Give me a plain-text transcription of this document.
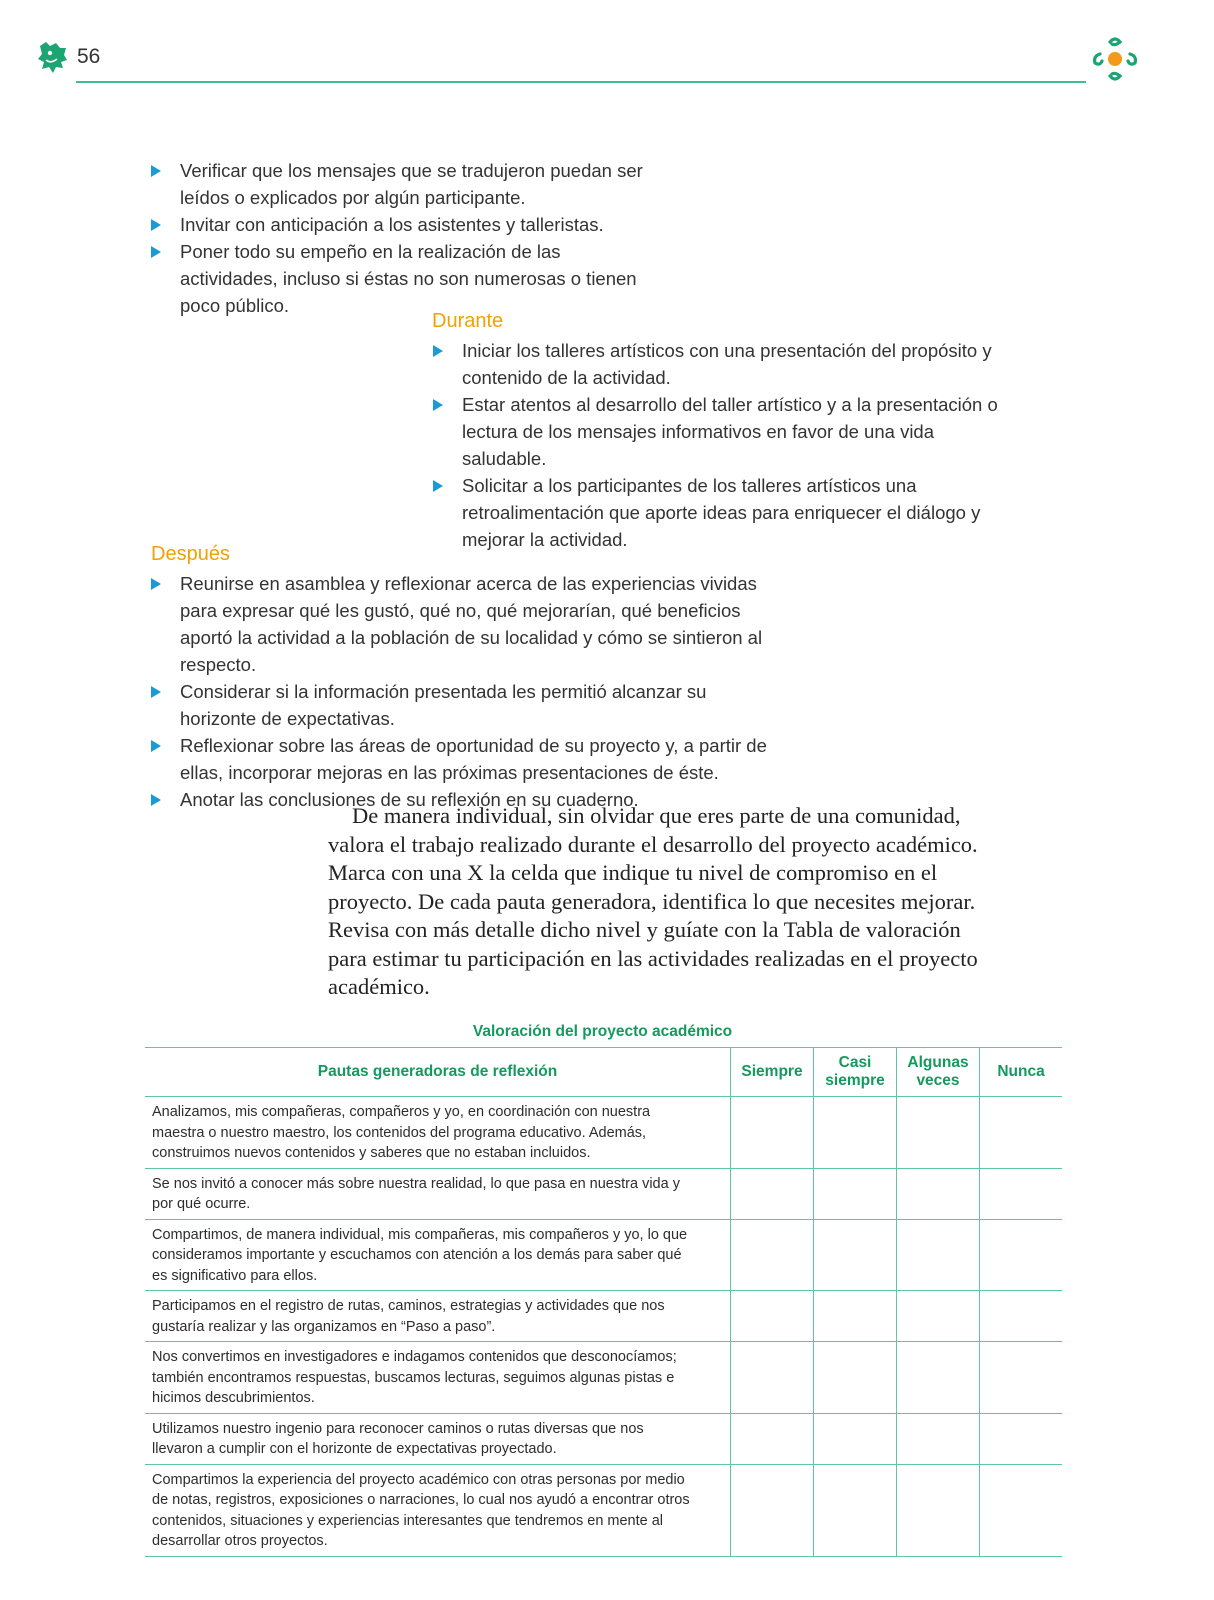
56
Verificar que los mensajes que se tradujeron puedan ser leídos o explicados por algún participante.
Invitar con anticipación a los asistentes y talleristas.
Poner todo su empeño en la realización de las actividades, incluso si éstas no son numerosas o tienen poco público.
Durante
Iniciar los talleres artísticos con una presentación del propósito y contenido de la actividad.
Estar atentos al desarrollo del taller artístico y a la presentación o lectura de los mensajes informativos en favor de una vida saludable.
Solicitar a los participantes de los talleres artísticos una retroalimentación que aporte ideas para enriquecer el diálogo y mejorar la actividad.
Después
Reunirse en asamblea y reflexionar acerca de las experiencias vividas para expresar qué les gustó, qué no, qué mejorarían, qué beneficios aportó la actividad a la población de su localidad y cómo se sintieron al respecto.
Considerar si la información presentada les permitió alcanzar su horizonte de expectativas.
Reflexionar sobre las áreas de oportunidad de su proyecto y, a partir de ellas, incorporar mejoras en las próximas presentaciones de éste.
Anotar las conclusiones de su reflexión en su cuaderno.

De manera individual, sin olvidar que eres parte de una comunidad, valora el trabajo realizado durante el desarrollo del proyecto académico. Marca con una X la celda que indique tu nivel de compromiso en el proyecto. De cada pauta generadora, identifica lo que necesites mejorar. Revisa con más detalle dicho nivel y guíate con la Tabla de valoración para estimar tu participación en las actividades realizadas en el proyecto académico.

Valoración del proyecto académico
Pautas generadoras de reflexión	Siempre	Casi siempre	Algunas veces	Nunca
Analizamos, mis compañeras, compañeros y yo, en coordinación con nuestra maestra o nuestro maestro, los contenidos del programa educativo. Además, construimos nuevos contenidos y saberes que no estaban incluidos.				
Se nos invitó a conocer más sobre nuestra realidad, lo que pasa en nuestra vida y por qué ocurre.				
Compartimos, de manera individual, mis compañeras, mis compañeros y yo, lo que consideramos importante y escuchamos con atención a los demás para saber qué es significativo para ellos.				
Participamos en el registro de rutas, caminos, estrategias y actividades que nos gustaría realizar y las organizamos en “Paso a paso”.				
Nos convertimos en investigadores e indagamos contenidos que desconocíamos; también encontramos respuestas, buscamos lecturas, seguimos algunas pistas e hicimos descubrimientos.				
Utilizamos nuestro ingenio para reconocer caminos o rutas diversas que nos llevaron a cumplir con el horizonte de expectativas proyectado.				
Compartimos la experiencia del proyecto académico con otras personas por medio de notas, registros, exposiciones o narraciones, lo cual nos ayudó a encontrar otros contenidos, situaciones y experiencias interesantes que tendremos en mente al desarrollar otros proyectos.				
